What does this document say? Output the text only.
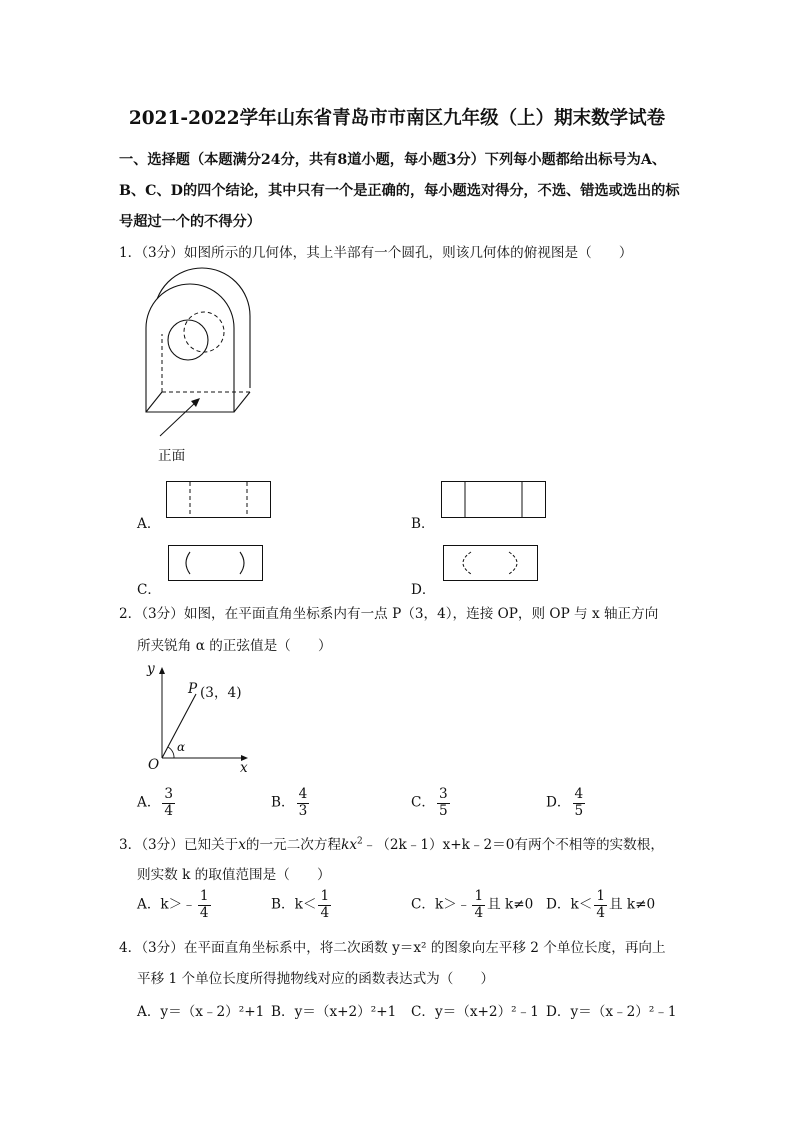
2021-2022学年山东省青岛市市南区九年级（上）期末数学试卷
一、选择题（本题满分24分，共有8道小题，每小题3分）下列每小题都给出标号为A、
B、C、D的四个结论，其中只有一个是正确的，每小题选对得分，不选、错选或选出的标
号超过一个的不得分）
1．（3分）如图所示的几何体，其上半部有一个圆孔，则该几何体的俯视图是（　　）
正面
A．	B．
C．	D．
2．（3分）如图，在平面直角坐标系内有一点 P（3，4），连接 OP，则 OP 与 x 轴正方向
所夹锐角 α 的正弦值是（　　）
y
x
O
P (3，4)
α
A． $\frac{3}{4}$	B． $\frac{4}{3}$	C． $\frac{3}{5}$	D． $\frac{4}{5}$
3．（3分）已知关于x的一元二次方程$kx^2﹣(2k﹣1)x+k﹣2=0$有两个不相等的实数根，
则实数 k 的取值范围是（　　）
A．k＞﹣ $\frac{1}{4}$	B．$k< \frac{1}{4}$	C．k＞﹣ $\frac{1}{4}$ 且 k≠0 D．$k< \frac{1}{4}$ 且 k≠0
4．（3分）在平面直角坐标系中，将二次函数 y＝x² 的图象向左平移 2 个单位长度，再向上
平移 1 个单位长度所得抛物线对应的函数表达式为（　　）
A．y＝（x﹣2）²+1 B．y＝（x+2）²+1 C．y＝（x+2）²﹣1 D．y＝（x﹣2）²﹣1
